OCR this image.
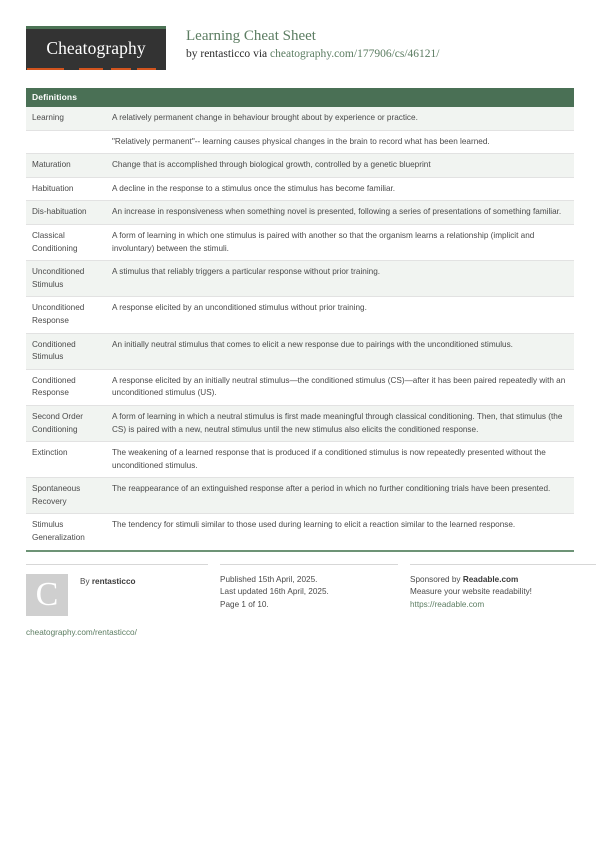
Cheatography
Learning Cheat Sheet
by rentasticco via cheatography.com/177906/cs/46121/
Definitions
Learning	A relatively permanent change in behaviour brought about by experience or practice.
	"Relatively permanent"-- learning causes physical changes in the brain to record what has been learned.
Maturation	Change that is accomplished through biological growth, controlled by a genetic blueprint
Habituation	A decline in the response to a stimulus once the stimulus has become familiar.
Dis-habituation	An increase in responsiveness when something novel is presented, following a series of presentations of something familiar.
Classical Conditioning	A form of learning in which one stimulus is paired with another so that the organism learns a relationship (implicit and involuntary) between the stimuli.
Unconditioned Stimulus	A stimulus that reliably triggers a particular response without prior training.
Unconditioned Response	A response elicited by an unconditioned stimulus without prior training.
Conditioned Stimulus	An initially neutral stimulus that comes to elicit a new response due to pairings with the unconditioned stimulus.
Conditioned Response	A response elicited by an initially neutral stimulus—the conditioned stimulus (CS)—after it has been paired repeatedly with an unconditioned stimulus (US).
Second Order Conditioning	A form of learning in which a neutral stimulus is first made meaningful through classical conditioning. Then, that stimulus (the CS) is paired with a new, neutral stimulus until the new stimulus also elicits the conditioned response.
Extinction	The weakening of a learned response that is produced if a conditioned stimulus is now repeatedly presented without the unconditioned stimulus.
Spontaneous Recovery	The reappearance of an extinguished response after a period in which no further conditioning trials have been presented.
Stimulus Generalization	The tendency for stimuli similar to those used during learning to elicit a reaction similar to the learned response.
C	By rentasticco
cheatography.com/rentasticco/
Published 15th April, 2025.
Last updated 16th April, 2025.
Page 1 of 10.
Sponsored by Readable.com
Measure your website readability!
https://readable.com
